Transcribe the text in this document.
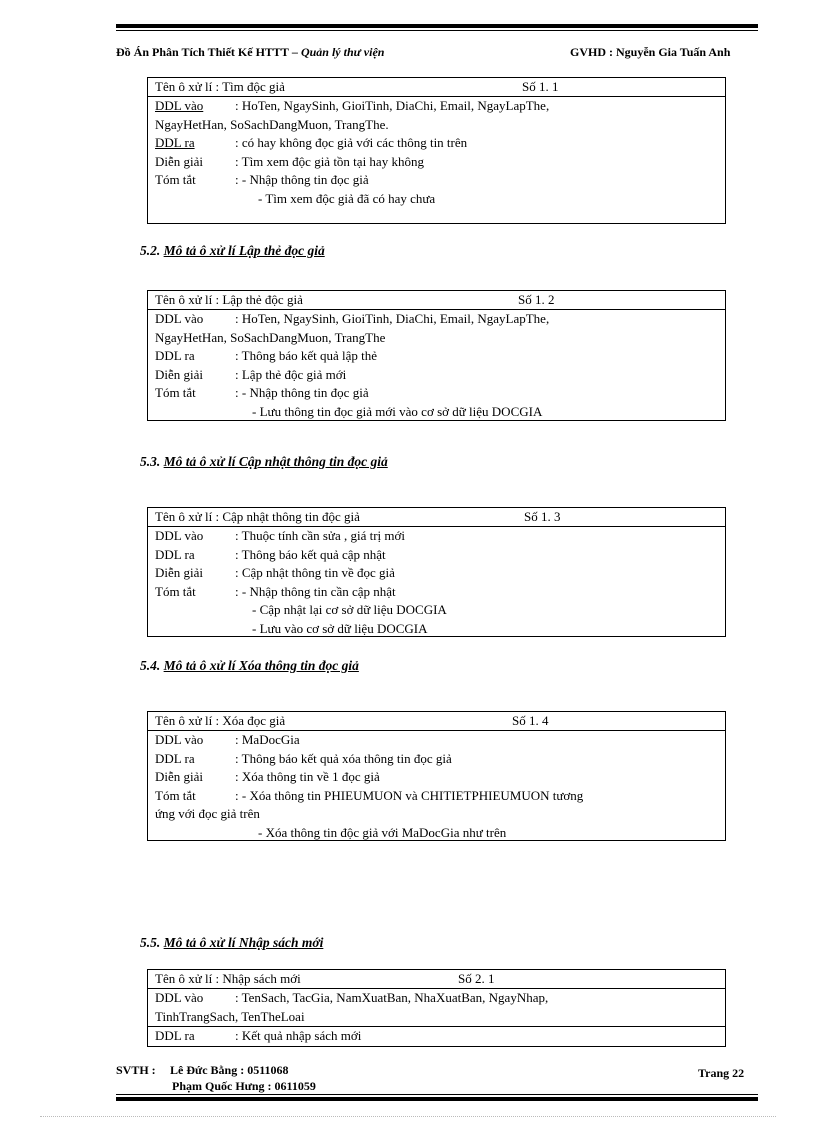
Đồ Án Phân Tích Thiết Kế HTTT – Quản lý thư viện	GVHD : Nguyễn Gia Tuấn Anh
Tên ô xử lí : Tìm độc giả	Số 1. 1
DDL vào	: HoTen, NgaySinh, GioiTinh, DiaChi, Email, NgayLapThe,
NgayHetHan, SoSachDangMuon, TrangThe.
DDL ra	: có hay không đọc giả với các thông tin trên
Diễn giải	: Tìm xem độc giả tồn tại hay không
Tóm tắt	: - Nhập thông tin đọc giả
- Tìm xem độc giả đã có hay chưa
5.2. Mô tả ô xử lí Lập thẻ đọc giả
Tên ô xử lí : Lập thẻ độc giả	Số 1. 2
DDL vào	: HoTen, NgaySinh, GioiTinh, DiaChi, Email, NgayLapThe,
NgayHetHan, SoSachDangMuon, TrangThe
DDL ra	: Thông báo kết quả lập thẻ
Diễn giải	: Lập thẻ độc giả mới
Tóm tắt	: - Nhập thông tin đọc giả
- Lưu thông tin đọc giả mới vào cơ sở dữ liệu DOCGIA
5.3. Mô tả ô xử lí Cập nhật thông tin đọc giả
Tên ô xử lí : Cập nhật thông tin độc giả	Số 1. 3
DDL vào	: Thuộc tính cần sửa , giá trị mới
DDL ra	: Thông báo kết quả cập nhật
Diễn giải	: Cập nhật thông tin về đọc giả
Tóm tắt	: - Nhập thông tin cần cập nhật
- Cập nhật lại cơ sở dữ liệu DOCGIA
- Lưu vào cơ sở dữ liệu DOCGIA
5.4. Mô tả ô xử lí Xóa thông tin đọc giả
Tên ô xử lí : Xóa đọc giả	Số 1. 4
DDL vào	: MaDocGia
DDL ra	: Thông báo kết quả xóa thông tin đọc giả
Diễn giải	: Xóa thông tin về 1 đọc giả
Tóm tắt	: - Xóa thông tin PHIEUMUON và CHITIETPHIEUMUON tương
ứng với đọc giả trên
- Xóa thông tin độc giả với MaDocGia như trên
5.5. Mô tả ô xử lí Nhập sách mới
Tên ô xử lí : Nhập sách mới	Số 2. 1
DDL vào	: TenSach, TacGia, NamXuatBan, NhaXuatBan, NgayNhap,
TinhTrangSach, TenTheLoai
DDL ra	: Kết quả nhập sách mới
SVTH : Lê Đức Bằng : 0511068
Phạm Quốc Hưng : 0611059
Trang 22
